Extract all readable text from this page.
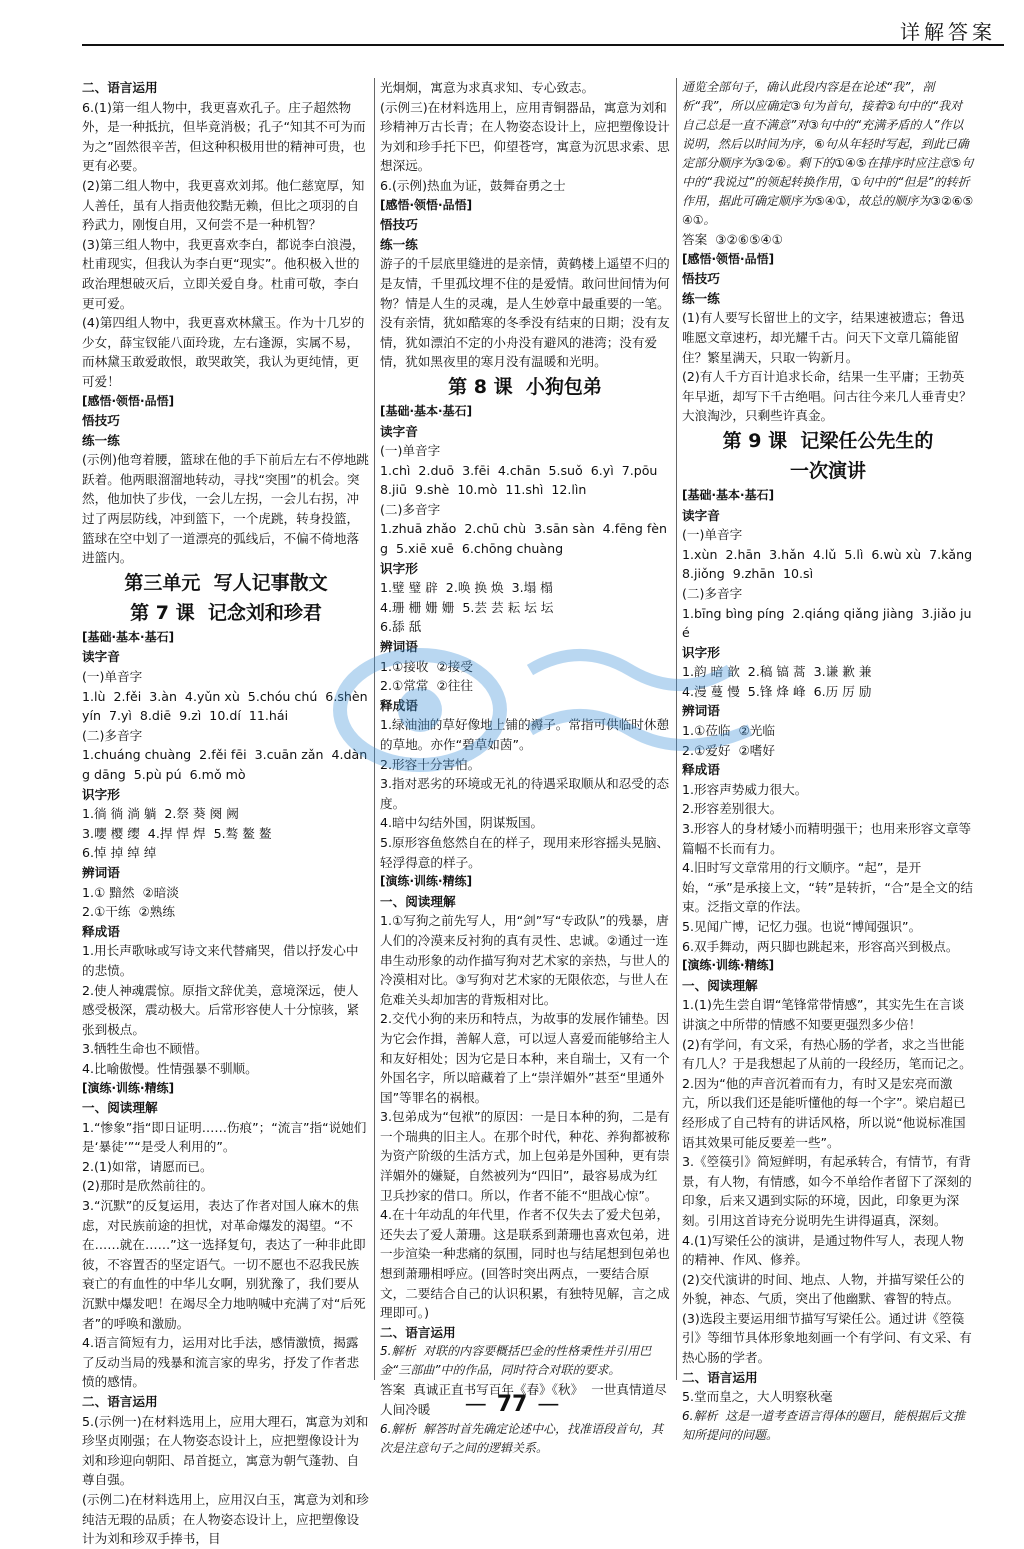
详解答案

二、语言运用

6.(1)第一组人物中，我更喜欢孔子。庄子超然物外，是一种抵抗，但毕竟消极；孔子“知其不可为而为之”固然很辛苦，但这种积极用世的精神可贵，也更有必要。

(2)第二组人物中，我更喜欢刘邦。他仁慈宽厚，知人善任，虽有人指责他狡黠无赖，但比之项羽的自矜武力，刚愎自用，又何尝不是一种机智？

(3)第三组人物中，我更喜欢李白，都说李白浪漫，杜甫现实，但我认为李白更“现实”。他积极入世的政治理想破灭后，立即关爱自身。杜甫可敬，李白更可爱。

(4)第四组人物中，我更喜欢林黛玉。作为十几岁的少女，薛宝钗能八面玲珑，左右逢源，实属不易，而林黛玉敢爱敢恨，敢哭敢笑，我认为更纯情，更可爱！

[感悟·领悟·品悟]

悟技巧

练一练

(示例)他弯着腰，篮球在他的手下前后左右不停地跳跃着。他两眼溜溜地转动，寻找“突围”的机会。突然，他加快了步伐，一会儿左拐，一会儿右拐，冲过了两层防线，冲到篮下，一个虎跳，转身投篮，篮球在空中划了一道漂亮的弧线后，不偏不倚地落进篮内。

第三单元  写人记事散文

第 7 课  记念刘和珍君

[基础·基本·基石]

读字音

(一)单音字

1.lù  2.fěi  3.àn  4.yǔn xù  5.chóu chú  6.shèn yín  7.yì  8.diē  9.zì  10.dí  11.hái

(二)多音字

1.chuáng chuàng  2.fěi fēi  3.cuān zǎn  4.dàng dāng  5.pù pú  6.mǒ mò

识字形

1.徜 徜 淌 躺  2.祭 葵 阕 阙

3.嚶 樱 缨  4.捍 悍 焊  5.骜 鳌 鳌

6.悼 掉 绰 绰

辨词语

1.① 黯然  ②暗淡

2.①干练  ②熟练

释成语

1.用长声歌咏或写诗文来代替痛哭，借以抒发心中的悲愤。

2.使人神魂震惊。原指文辞优美，意境深远，使人感受极深，震动极大。后常形容使人十分惊骇，紧张到极点。

3.牺牲生命也不顾惜。

4.比喻傲慢。性情强暴不驯顺。

[演练·训练·精练]

一、阅读理解

1.“惨象”指“即日证明……伤痕”；“流言”指“说她们是‘暴徒’”“是受人利用的”。

2.(1)如常，请愿而已。

(2)那时是欣然前往的。

3.“沉默”的反复运用，表达了作者对国人麻木的焦虑，对民族前途的担忧，对革命爆发的渴望。“不在……就在……”这一选择复句，表达了一种非此即彼，不容置否的坚定语气。一切不愿也不忍我民族衰亡的有血性的中华儿女啊，别犹豫了，我们要从沉默中爆发吧！在竭尽全力地呐喊中充满了对“后死者”的呼唤和激励。

4.语言简短有力，运用对比手法，感情激愤，揭露了反动当局的残暴和流言家的卑劣，抒发了作者悲愤的感情。

二、语言运用

5.(示例一)在材料选用上，应用大理石，寓意为刘和珍坚贞刚强；在人物姿态设计上，应把塑像设计为刘和珍迎向朝阳、昂首挺立，寓意为朝气蓬勃、自尊自强。

(示例二)在材料选用上，应用汉白玉，寓意为刘和珍纯洁无瑕的品质；在人物姿态设计上，应把塑像设计为刘和珍双手捧书，目

光炯炯，寓意为求真求知、专心致志。

(示例三)在材料选用上，应用青铜器品，寓意为刘和珍精神万古长青；在人物姿态设计上，应把塑像设计为刘和珍手托下巴，仰望苍穹，寓意为沉思求索、思想深远。

6.(示例)热血为证，鼓舞奋勇之士

[感悟·领悟·品悟]

悟技巧

练一练

游子的千层底里缝进的是亲情，黄鹤楼上遥望不归的是友情，千里孤坟埋不住的是爱情。敢问世间情为何物？情是人生的灵魂，是人生妙章中最重要的一笔。没有亲情，犹如酷寒的冬季没有结束的日期；没有友情，犹如漂泊不定的小舟没有避风的港湾；没有爱情，犹如黑夜里的寒月没有温暖和光明。

第 8 课  小狗包弟

[基础·基本·基石]

读字音

(一)单音字

1.chì  2.duō  3.fēi  4.chān  5.suǒ  6.yì  7.pōu  8.jiū  9.shè  10.mò  11.shì  12.lìn

(二)多音字

1.zhuā zhǎo  2.chū chù  3.sān sàn  4.fēng fèng  5.xiē xuē  6.chōng chuàng

识字形

1.璧 璧 辟  2.唤 换 焕  3.塌 榻

4.珊 栅 姗 姗  5.芸 芸 耘 坛 坛

6.舔 舐

辨词语

1.①接收  ②接受

2.①常常  ②往往

释成语

1.绿油油的草好像地上铺的褥子。常指可供临时休憩的草地。亦作“碧草如茵”。

2.形容十分害怕。

3.指对恶劣的环境或无礼的待遇采取顺从和忍受的态度。

4.暗中勾结外国，阴谋叛国。

5.原形容鱼悠然自在的样子，现用来形容摇头晃脑、轻浮得意的样子。

[演练·训练·精练]

一、阅读理解

1.①写狗之前先写人，用“剑”写“专政队”的残暴，唐人们的冷漠来反衬狗的真有灵性、忠诚。②通过一连串生动形象的动作描写狗对艺术家的亲热，与世人的冷漠相对比。③写狗对艺术家的无限依恋，与世人在危难关头却加害的背叛相对比。

2.交代小狗的来历和特点，为故事的发展作铺垫。因为它会作揖，善解人意，可以逗人喜爱而能够给主人和友好相处；因为它是日本种，来自瑞士，又有一个外国名字，所以暗藏着了上“崇洋媚外”甚至“里通外国”等罪名的祸根。

3.包弟成为“包袱”的原因：一是日本种的狗，二是有一个瑞典的旧主人。在那个时代，种花、养狗都被称为资产阶级的生活方式，加上包弟是外国种，更有崇洋媚外的嫌疑，自然被列为“四旧”，最容易成为红卫兵抄家的借口。所以，作者不能不“胆战心惊”。

4.在十年动乱的年代里，作者不仅失去了爱犬包弟，还失去了爱人萧珊。这是联系到萧珊也喜欢包弟，进一步渲染一种悲痛的氛围，同时也与结尾想到包弟也想到萧珊相呼应。(回答时突出两点，一要结合原文，二要结合自己的认识积累，有独特见解，言之成理即可。)

二、语言运用

5.解析  对联的内容要概括巴金的性格秉性并引用巴金“三部曲”中的作品，同时符合对联的要求。

答案  真诚正直书写百年《春》《秋》  一世真情道尽人间冷暖

6.解析  解答时首先确定论述中心，找准语段首句，其次是注意句子之间的逻辑关系。

通览全部句子，确认此段内容是在论述“我”，剖析“我”，所以应确定③句为首句，接着②句中的“我对自己总是一直不满意”对③句中的“充满矛盾的人”作以说明，然后以时间为序，⑥句从年轻时写起，到此已确定部分顺序为③②⑥。剩下的①④⑤在排序时应注意⑤句中的“我说过”的领起转换作用，①句中的“但是”的转折作用，据此可确定顺序为⑤④①，故总的顺序为③②⑥⑤④①。

答案  ③②⑥⑤④①

[感悟·领悟·品悟]

悟技巧

练一练

(1)有人要写长留世上的文字，结果速被遗忘；鲁迅唯愿文章速朽，却光耀千古。问天下文章几篇能留住？繁星满天，只取一钩新月。

(2)有人千方百计追求长命，结果一生平庸；王勃英年早逝，却写下千古绝唱。问古往今来几人垂青史？大浪淘沙，只剩些许真金。

第 9 课  记梁任公先生的

一次演讲

[基础·基本·基石]

读字音

(一)单音字

1.xùn  2.hān  3.hǎn  4.lǔ  5.lì  6.wù xù  7.kǎng  8.jiǒng  9.zhān  10.sì

(二)多音字

1.bīng bìng píng  2.qiáng qiǎng jiàng  3.jiǎo jué

识字形

1.韵 暗 歆  2.稿 镐 蒿  3.谦 歉 兼

4.漫 蔓 慢  5.锋 烽 峰  6.历 厉 励

辨词语

1.①莅临  ②光临

2.①爱好  ②嗜好

释成语

1.形容声势威力很大。

2.形容差别很大。

3.形容人的身材矮小而精明强干；也用来形容文章等篇幅不长而有力。

4.旧时写文章常用的行文顺序。“起”，是开始，“承”是承接上文，“转”是转折，“合”是全文的结束。泛指文章的作法。

5.见闻广博，记忆力强。也说“博闻强识”。

6.双手舞动，两只脚也跳起来，形容高兴到极点。

[演练·训练·精练]

一、阅读理解

1.(1)先生尝自谓“笔锋常带情感”，其实先生在言谈讲演之中所带的情感不知要更强烈多少倍！

(2)有学问，有文采，有热心肠的学者，求之当世能有几人？于是我想起了从前的一段经历，笔而记之。

2.因为“他的声音沉着而有力，有时又是宏亮而激亢，所以我们还是能听懂他的每一个字”。梁启超已经形成了自己特有的讲话风格，所以说“他说标准国语其效果可能反要差一些”。

3.《箜篌引》简短鲜明，有起承转合，有情节，有背景，有人物，有情感，如今不单给作者留下了深刻的印象，后来又遇到实际的环境，因此，印象更为深刻。引用这首诗充分说明先生讲得逼真，深刻。

4.(1)写梁任公的演讲，是通过物件写人，表现人物的精神、作风、修养。

(2)交代演讲的时间、地点、人物，并描写梁任公的外貌，神态、气质，突出了他幽默、睿智的特点。

(3)选段主要运用细节描写写梁任公。通过讲《箜篌引》等细节具体形象地刻画一个有学问、有文采、有热心肠的学者。

二、语言运用

5.堂而皇之，大人明察秋毫

6.解析  这是一道考查语言得体的题目，能根据后文推知所提问的问题。

— 77 —
